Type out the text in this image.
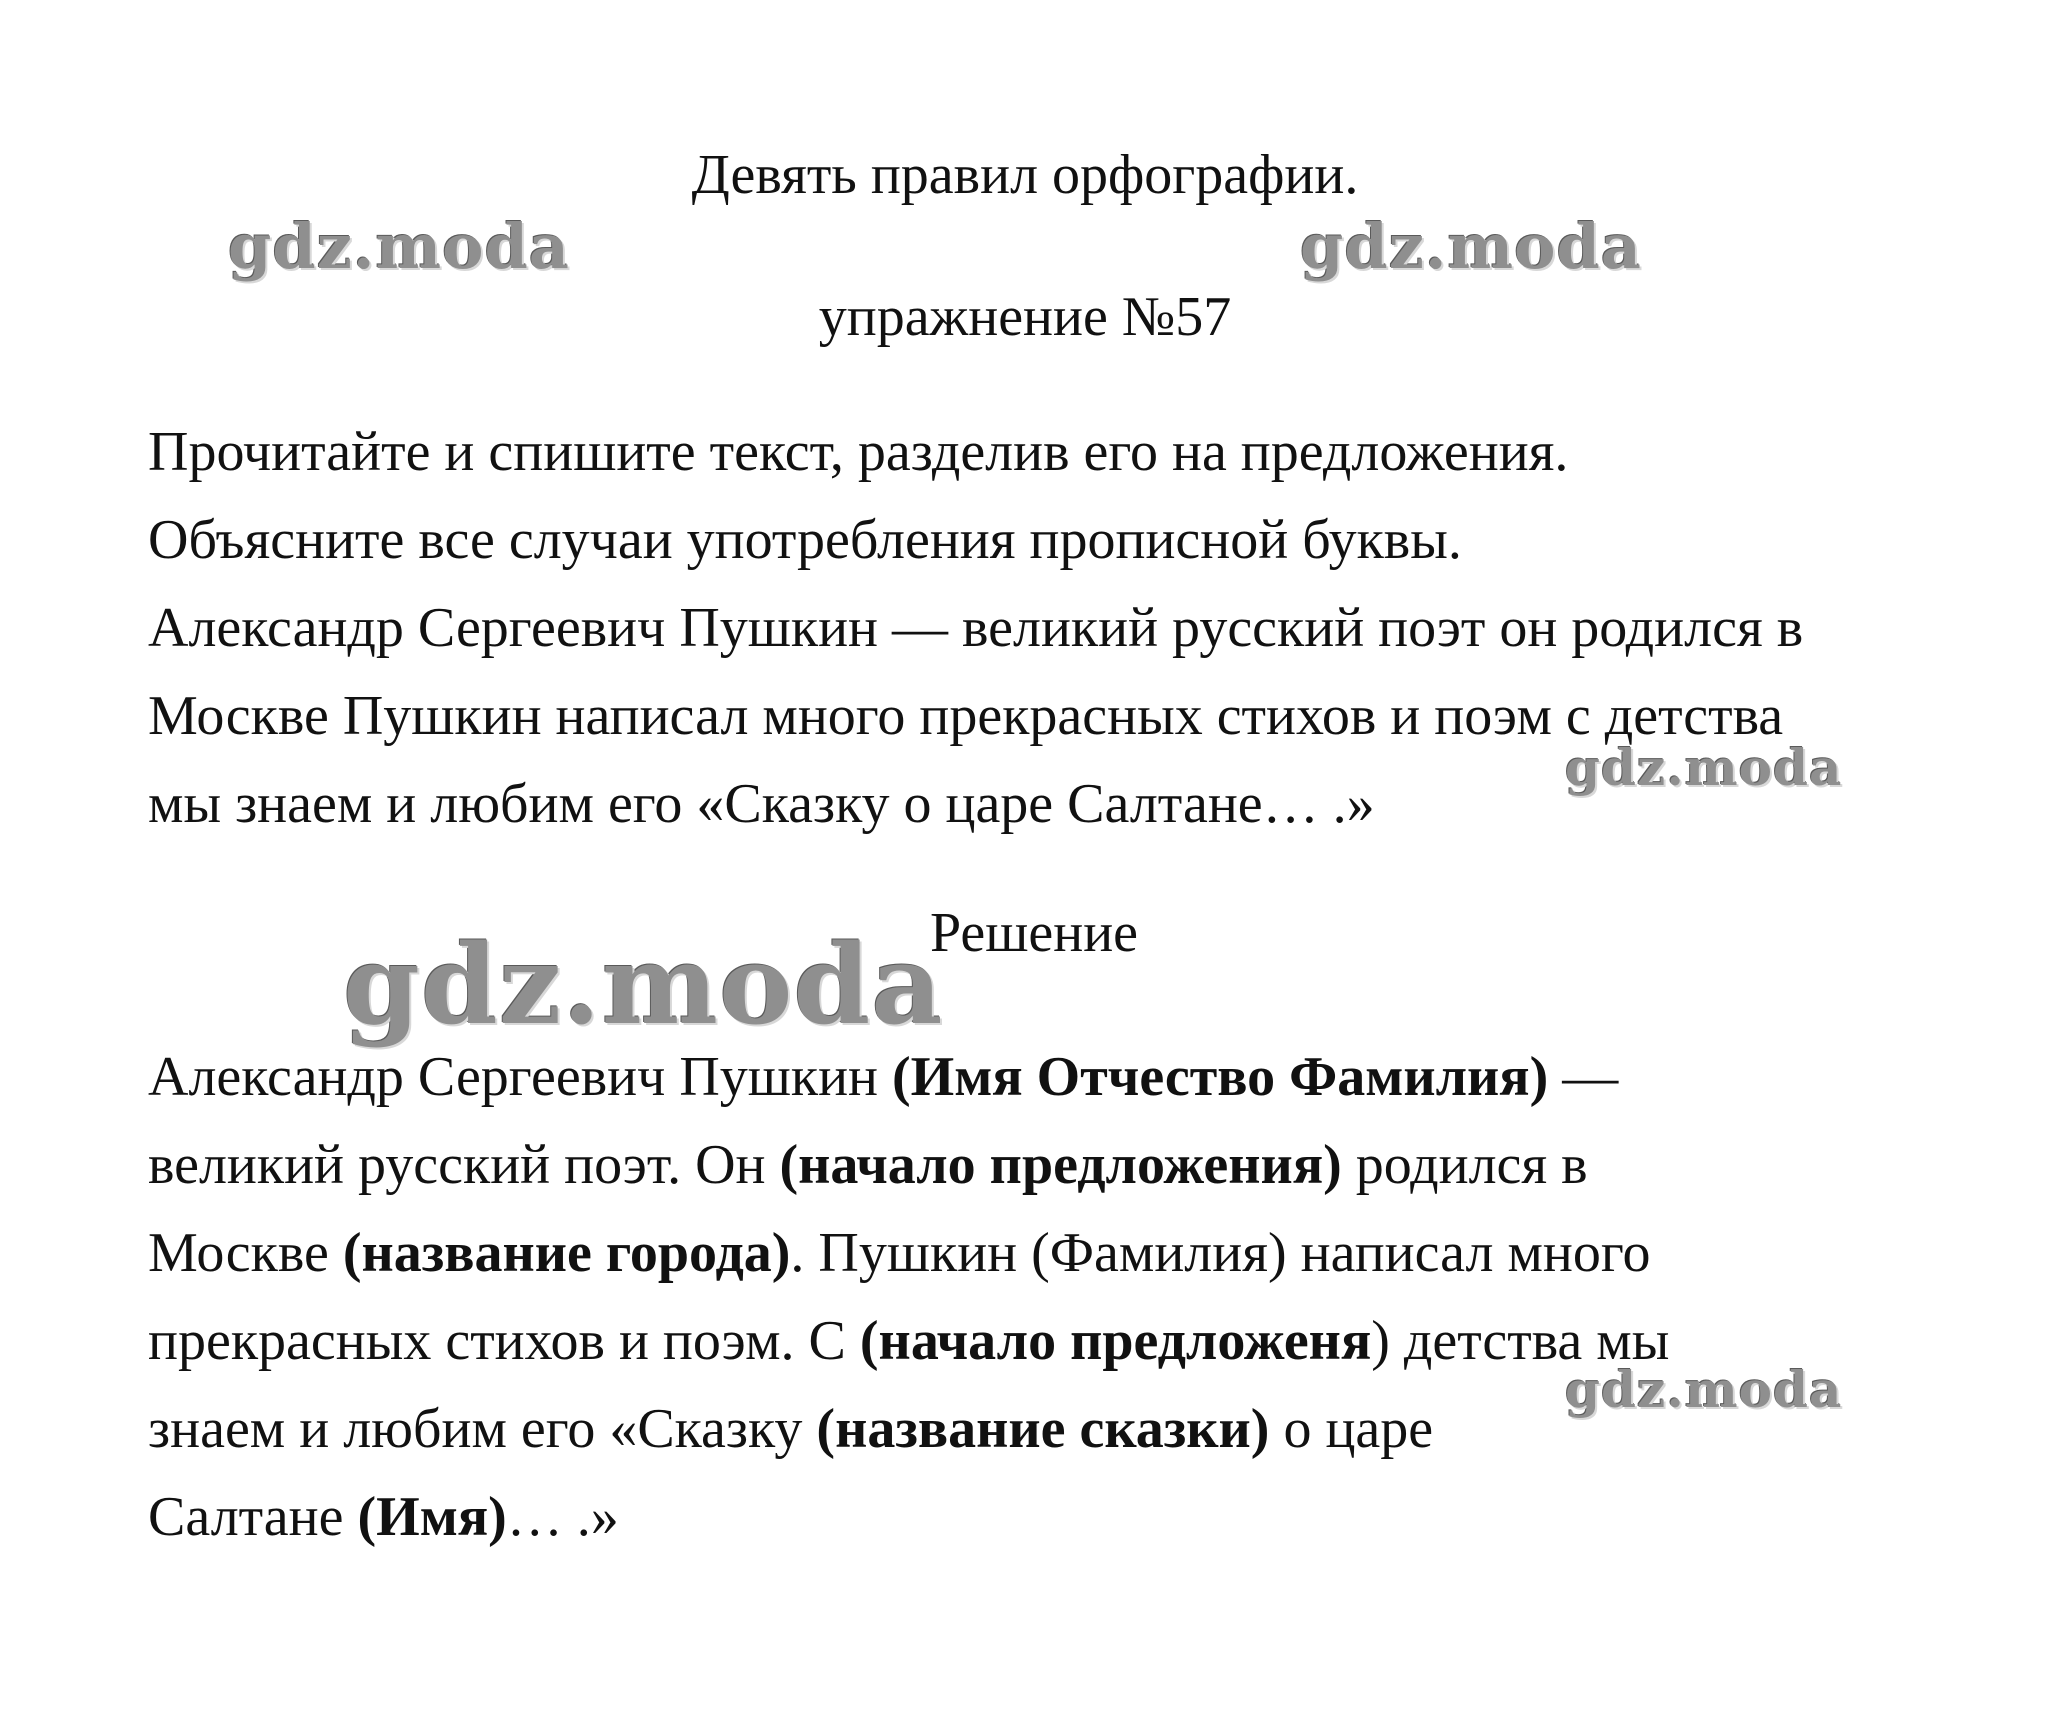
Девять правил орфографии.
упражнение №57

Прочитайте и спишите текст, разделив его на предложения.

Объясните все случаи употребления прописной буквы.

Александр Сергеевич Пушкин — великий русский поэт он родился в

Москве Пушкин написал много прекрасных стихов и поэм с детства

мы знаем и любим его «Сказку о царе Салтане… .»

Решение

Александр Сергеевич Пушкин (Имя Отчество Фамилия) —

великий русский поэт. Он (начало предложения) родился в

Москве (название города). Пушкин (Фамилия) написал много

прекрасных стихов и поэм. С (начало предложеня) детства мы

знаем и любим его «Сказку (название сказки) о царе

Салтане (Имя)… .»

gdz.moda	gdz.moda
gdz.moda
gdz.moda
gdz.moda
